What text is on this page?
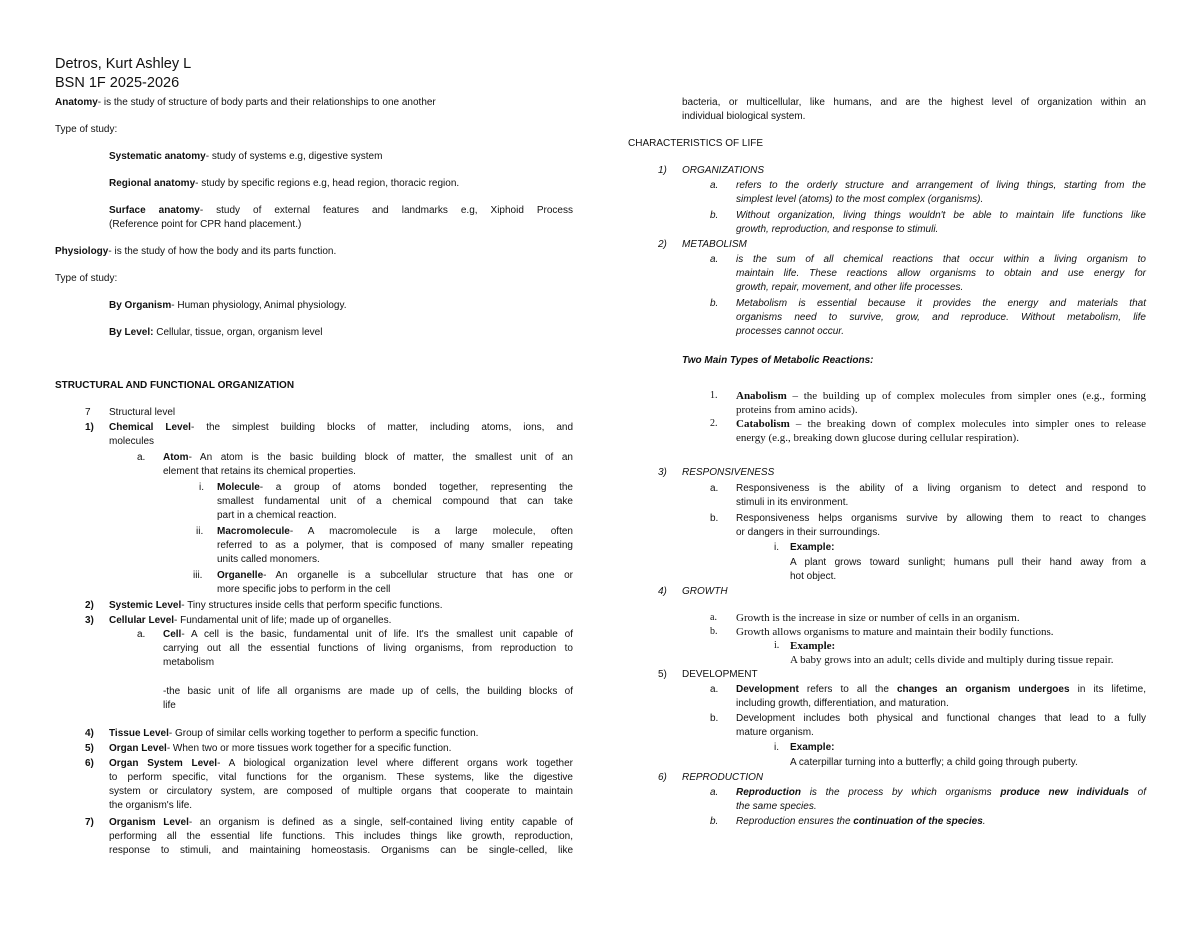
Detros, Kurt Ashley L
BSN 1F 2025-2026
Anatomy- is the study of structure of body parts and their relationships to one another
Type of study:
Systematic anatomy- study of systems e.g, digestive system
Regional anatomy- study by specific regions e.g, head region, thoracic region.
Surface anatomy- study of external features and landmarks e.g, Xiphoid Process
(Reference point for CPR hand placement.)
Physiology- is the study of how the body and its parts function.
Type of study:
By Organism- Human physiology, Animal physiology.
By Level: Cellular, tissue, organ, organism level
STRUCTURAL AND FUNCTIONAL ORGANIZATION
7 Structural level
1) Chemical Level- the simplest building blocks of matter, including atoms, ions, and
molecules
a. Atom- An atom is the basic building block of matter, the smallest unit of an
element that retains its chemical properties.
i. Molecule- a group of atoms bonded together, representing the
smallest fundamental unit of a chemical compound that can take
part in a chemical reaction.
ii. Macromolecule- A macromolecule is a large molecule, often
referred to as a polymer, that is composed of many smaller repeating
units called monomers.
iii. Organelle- An organelle is a subcellular structure that has one or
more specific jobs to perform in the cell
2) Systemic Level- Tiny structures inside cells that perform specific functions.
3) Cellular Level- Fundamental unit of life; made up of organelles.
a. Cell- A cell is the basic, fundamental unit of life. It's the smallest unit capable of
carrying out all the essential functions of living organisms, from reproduction to
metabolism
-the basic unit of life all organisms are made up of cells, the building blocks of
life
4) Tissue Level- Group of similar cells working together to perform a specific function.
5) Organ Level- When two or more tissues work together for a specific function.
6) Organ System Level- A biological organization level where different organs work together
to perform specific, vital functions for the organism. These systems, like the digestive
system or circulatory system, are composed of multiple organs that cooperate to maintain
the organism's life.
7) Organism Level- an organism is defined as a single, self-contained living entity capable of
performing all the essential life functions. This includes things like growth, reproduction,
response to stimuli, and maintaining homeostasis. Organisms can be single-celled, like
bacteria, or multicellular, like humans, and are the highest level of organization within an
individual biological system.
CHARACTERISTICS OF LIFE
1) ORGANIZATIONS
a. refers to the orderly structure and arrangement of living things, starting from the
simplest level (atoms) to the most complex (organisms).
b. Without organization, living things wouldn't be able to maintain life functions like
growth, reproduction, and response to stimuli.
2) METABOLISM
a. is the sum of all chemical reactions that occur within a living organism to
maintain life. These reactions allow organisms to obtain and use energy for
growth, repair, movement, and other life processes.
b. Metabolism is essential because it provides the energy and materials that
organisms need to survive, grow, and reproduce. Without metabolism, life
processes cannot occur.
Two Main Types of Metabolic Reactions:
1. Anabolism – the building up of complex molecules from simpler ones (e.g., forming
proteins from amino acids).
2. Catabolism – the breaking down of complex molecules into simpler ones to release
energy (e.g., breaking down glucose during cellular respiration).
3) RESPONSIVENESS
a. Responsiveness is the ability of a living organism to detect and respond to
stimuli in its environment.
b. Responsiveness helps organisms survive by allowing them to react to changes
or dangers in their surroundings.
i. Example:
A plant grows toward sunlight; humans pull their hand away from a
hot object.
4) GROWTH
a. Growth is the increase in size or number of cells in an organism.
b. Growth allows organisms to mature and maintain their bodily functions.
i. Example:
A baby grows into an adult; cells divide and multiply during tissue repair.
5) DEVELOPMENT
a. Development refers to all the changes an organism undergoes in its lifetime,
including growth, differentiation, and maturation.
b. Development includes both physical and functional changes that lead to a fully
mature organism.
i. Example:
A caterpillar turning into a butterfly; a child going through puberty.
6) REPRODUCTION
a. Reproduction is the process by which organisms produce new individuals of
the same species.
b. Reproduction ensures the continuation of the species.
